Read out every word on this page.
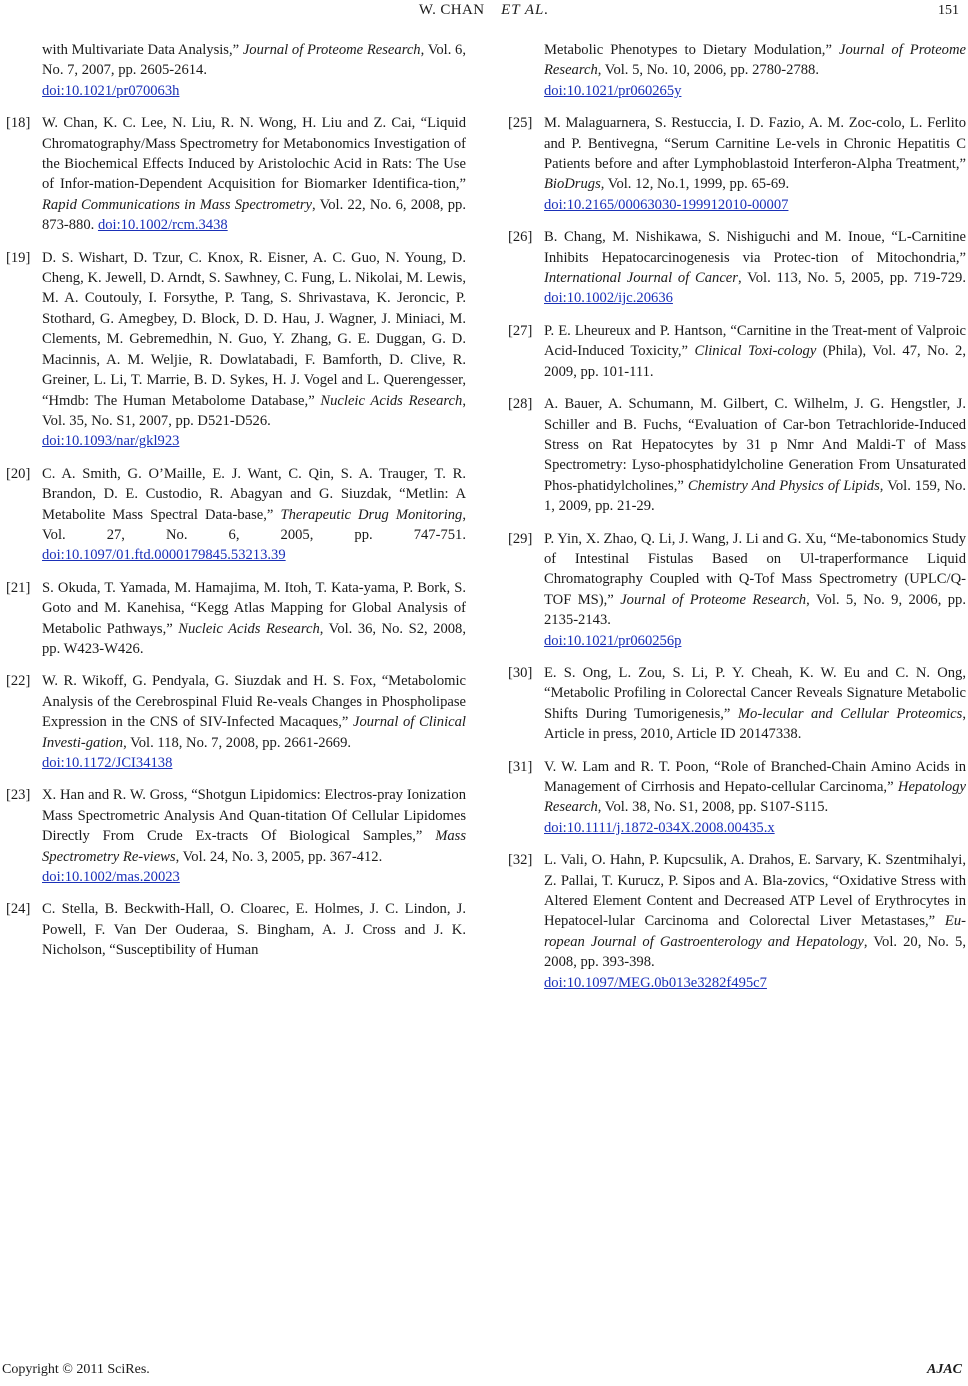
W. CHAN ET AL.	151
with Multivariate Data Analysis,” Journal of Proteome Research, Vol. 6, No. 7, 2007, pp. 2605-2614.
doi:10.1021/pr070063h
[18] W. Chan, K. C. Lee, N. Liu, R. N. Wong, H. Liu and Z. Cai, “Liquid Chromatography/Mass Spectrometry for Metabonomics Investigation of the Biochemical Effects Induced by Aristolochic Acid in Rats: The Use of Infor-mation-Dependent Acquisition for Biomarker Identifica-tion,” Rapid Communications in Mass Spectrometry, Vol. 22, No. 6, 2008, pp. 873-880. doi:10.1002/rcm.3438
[19] D. S. Wishart, D. Tzur, C. Knox, R. Eisner, A. C. Guo, N. Young, D. Cheng, K. Jewell, D. Arndt, S. Sawhney, C. Fung, L. Nikolai, M. Lewis, M. A. Coutouly, I. Forsythe, P. Tang, S. Shrivastava, K. Jeroncic, P. Stothard, G. Amegbey, D. Block, D. D. Hau, J. Wagner, J. Miniaci, M. Clements, M. Gebremedhin, N. Guo, Y. Zhang, G. E. Duggan, G. D. Macinnis, A. M. Weljie, R. Dowlatabadi, F. Bamforth, D. Clive, R. Greiner, L. Li, T. Marrie, B. D. Sykes, H. J. Vogel and L. Querengesser, “Hmdb: The Human Metabolome Database,” Nucleic Acids Research, Vol. 35, No. S1, 2007, pp. D521-D526.
doi:10.1093/nar/gkl923
[20] C. A. Smith, G. O’Maille, E. J. Want, C. Qin, S. A. Trauger, T. R. Brandon, D. E. Custodio, R. Abagyan and G. Siuzdak, “Metlin: A Metabolite Mass Spectral Data-base,” Therapeutic Drug Monitoring, Vol. 27, No. 6, 2005, pp. 747-751. doi:10.1097/01.ftd.0000179845.53213.39
[21] S. Okuda, T. Yamada, M. Hamajima, M. Itoh, T. Kata-yama, P. Bork, S. Goto and M. Kanehisa, “Kegg Atlas Mapping for Global Analysis of Metabolic Pathways,” Nucleic Acids Research, Vol. 36, No. S2, 2008, pp. W423-W426.
[22] W. R. Wikoff, G. Pendyala, G. Siuzdak and H. S. Fox, “Metabolomic Analysis of the Cerebrospinal Fluid Re-veals Changes in Phospholipase Expression in the CNS of SIV-Infected Macaques,” Journal of Clinical Investi-gation, Vol. 118, No. 7, 2008, pp. 2661-2669.
doi:10.1172/JCI34138
[23] X. Han and R. W. Gross, “Shotgun Lipidomics: Electros-pray Ionization Mass Spectrometric Analysis And Quan-titation Of Cellular Lipidomes Directly From Crude Ex-tracts Of Biological Samples,” Mass Spectrometry Re-views, Vol. 24, No. 3, 2005, pp. 367-412.
doi:10.1002/mas.20023
[24] C. Stella, B. Beckwith-Hall, O. Cloarec, E. Holmes, J. C. Lindon, J. Powell, F. Van Der Ouderaa, S. Bingham, A. J. Cross and J. K. Nicholson, “Susceptibility of Human
Metabolic Phenotypes to Dietary Modulation,” Journal of Proteome Research, Vol. 5, No. 10, 2006, pp. 2780-2788.
doi:10.1021/pr060265y
[25] M. Malaguarnera, S. Restuccia, I. D. Fazio, A. M. Zoc-colo, L. Ferlito and P. Bentivegna, “Serum Carnitine Le-vels in Chronic Hepatitis C Patients before and after Lymphoblastoid Interferon-Alpha Treatment,” BioDrugs, Vol. 12, No.1, 1999, pp. 65-69.
doi:10.2165/00063030-199912010-00007
[26] B. Chang, M. Nishikawa, S. Nishiguchi and M. Inoue, “L-Carnitine Inhibits Hepatocarcinogenesis via Protec-tion of Mitochondria,” International Journal of Cancer, Vol. 113, No. 5, 2005, pp. 719-729. doi:10.1002/ijc.20636
[27] P. E. Lheureux and P. Hantson, “Carnitine in the Treat-ment of Valproic Acid-Induced Toxicity,” Clinical Toxi-cology (Phila), Vol. 47, No. 2, 2009, pp. 101-111.
[28] A. Bauer, A. Schumann, M. Gilbert, C. Wilhelm, J. G. Hengstler, J. Schiller and B. Fuchs, “Evaluation of Car-bon Tetrachloride-Induced Stress on Rat Hepatocytes by 31 p Nmr And Maldi-T of Mass Spectrometry: Lyso-phosphatidylcholine Generation From Unsaturated Phos-phatidylcholines,” Chemistry And Physics of Lipids, Vol. 159, No. 1, 2009, pp. 21-29.
[29] P. Yin, X. Zhao, Q. Li, J. Wang, J. Li and G. Xu, “Me-tabonomics Study of Intestinal Fistulas Based on Ul-traperformance Liquid Chromatography Coupled with Q-Tof Mass Spectrometry (UPLC/Q-TOF MS),” Journal of Proteome Research, Vol. 5, No. 9, 2006, pp. 2135-2143.
doi:10.1021/pr060256p
[30] E. S. Ong, L. Zou, S. Li, P. Y. Cheah, K. W. Eu and C. N. Ong, “Metabolic Profiling in Colorectal Cancer Reveals Signature Metabolic Shifts During Tumorigenesis,” Mo-lecular and Cellular Proteomics, Article in press, 2010, Article ID 20147338.
[31] V. W. Lam and R. T. Poon, “Role of Branched-Chain Amino Acids in Management of Cirrhosis and Hepato-cellular Carcinoma,” Hepatology Research, Vol. 38, No. S1, 2008, pp. S107-S115.
doi:10.1111/j.1872-034X.2008.00435.x
[32] L. Vali, O. Hahn, P. Kupcsulik, A. Drahos, E. Sarvary, K. Szentmihalyi, Z. Pallai, T. Kurucz, P. Sipos and A. Bla-zovics, “Oxidative Stress with Altered Element Content and Decreased ATP Level of Erythrocytes in Hepatocel-lular Carcinoma and Colorectal Liver Metastases,” Eu-ropean Journal of Gastroenterology and Hepatology, Vol. 20, No. 5, 2008, pp. 393-398.
doi:10.1097/MEG.0b013e3282f495c7
Copyright © 2011 SciRes.	AJAC
